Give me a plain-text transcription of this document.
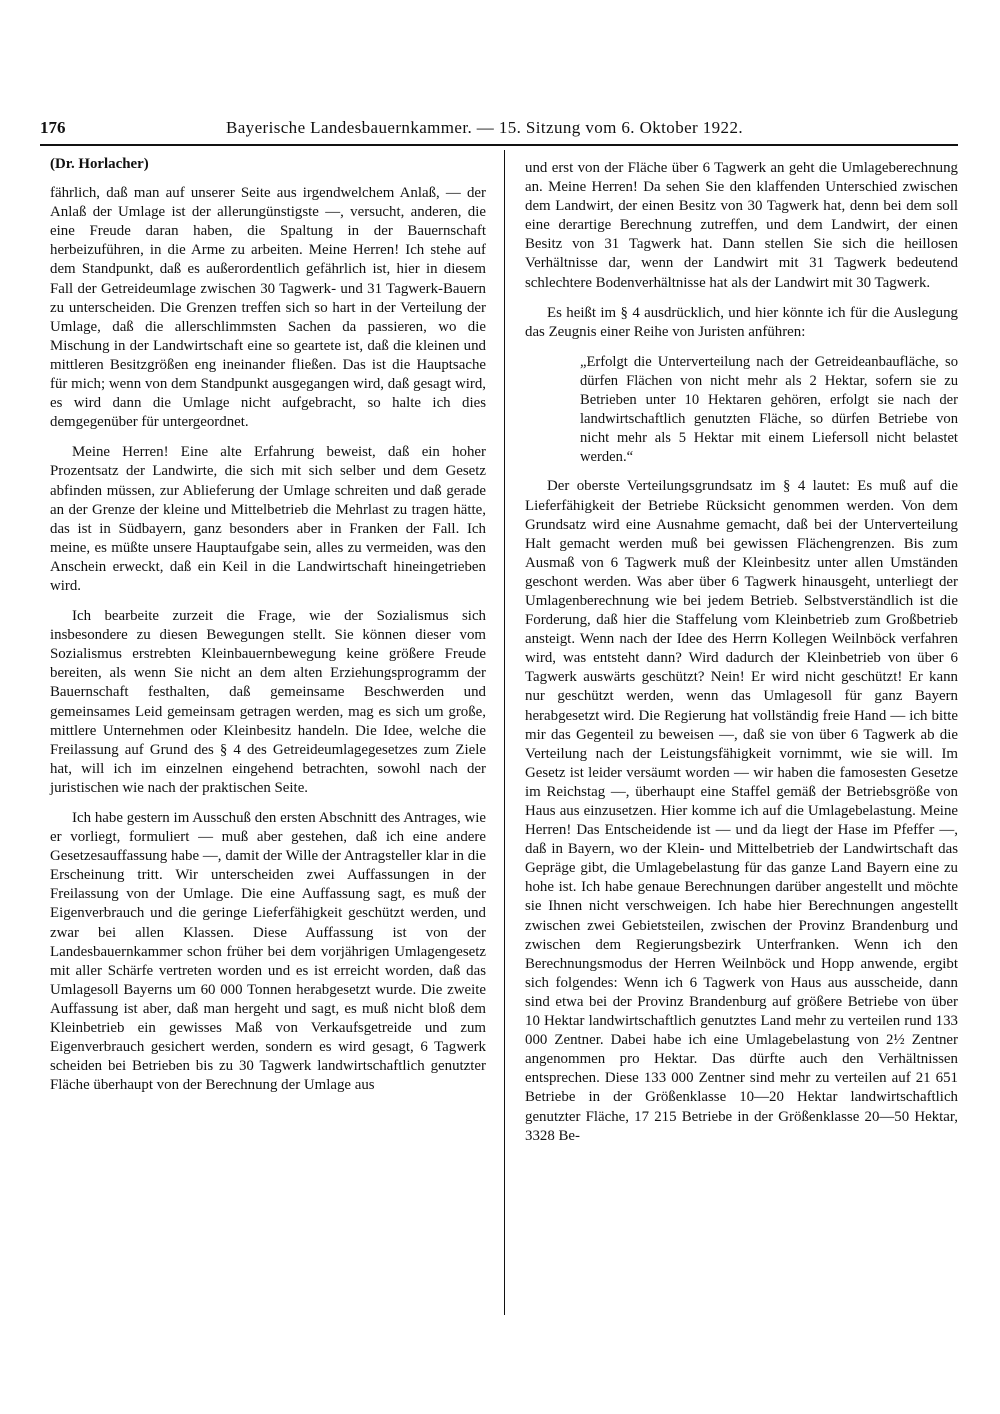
176	Bayerische Landesbauernkammer. — 15. Sitzung vom 6. Oktober 1922.
(Dr. Horlacher)

fährlich, daß man auf unserer Seite aus irgendwelchem Anlaß, — der Anlaß der Umlage ist der allerungünstigste —, versucht, anderen, die eine Freude daran haben, die Spaltung in der Bauernschaft herbeizuführen, in die Arme zu arbeiten. Meine Herren! Ich stehe auf dem Standpunkt, daß es außerordentlich gefährlich ist, hier in diesem Fall der Getreideumlage zwischen 30 Tagwerk- und 31 Tagwerk-Bauern zu unterscheiden. Die Grenzen treffen sich so hart in der Verteilung der Umlage, daß die allerschlimmsten Sachen da passieren, wo die Mischung in der Landwirtschaft eine so geartete ist, daß die kleinen und mittleren Besitzgrößen eng ineinander fließen. Das ist die Hauptsache für mich; wenn von dem Standpunkt ausgegangen wird, daß gesagt wird, es wird dann die Umlage nicht aufgebracht, so halte ich dies demgegenüber für untergeordnet.

Meine Herren! Eine alte Erfahrung beweist, daß ein hoher Prozentsatz der Landwirte, die sich mit sich selber und dem Gesetz abfinden müssen, zur Ablieferung der Umlage schreiten und daß gerade an der Grenze der kleine und Mittelbetrieb die Mehrlast zu tragen hätte, das ist in Südbayern, ganz besonders aber in Franken der Fall. Ich meine, es müßte unsere Hauptaufgabe sein, alles zu vermeiden, was den Anschein erweckt, daß ein Keil in die Landwirtschaft hineingetrieben wird.

Ich bearbeite zurzeit die Frage, wie der Sozialismus sich insbesondere zu diesen Bewegungen stellt. Sie können dieser vom Sozialismus erstrebten Kleinbauernbewegung keine größere Freude bereiten, als wenn Sie nicht an dem alten Erziehungsprogramm der Bauernschaft festhalten, daß gemeinsame Beschwerden und gemeinsames Leid gemeinsam getragen werden, mag es sich um große, mittlere Unternehmen oder Kleinbesitz handeln. Die Idee, welche die Freilassung auf Grund des § 4 des Getreideumlagegesetzes zum Ziele hat, will ich im einzelnen eingehend betrachten, sowohl nach der juristischen wie nach der praktischen Seite.

Ich habe gestern im Ausschuß den ersten Abschnitt des Antrages, wie er vorliegt, formuliert — muß aber gestehen, daß ich eine andere Gesetzesauffassung habe —, damit der Wille der Antragsteller klar in die Erscheinung tritt. Wir unterscheiden zwei Auffassungen in der Freilassung von der Umlage. Die eine Auffassung sagt, es muß der Eigenverbrauch und die geringe Lieferfähigkeit geschützt werden, und zwar bei allen Klassen. Diese Auffassung ist von der Landesbauernkammer schon früher bei dem vorjährigen Umlagengesetz mit aller Schärfe vertreten worden und es ist erreicht worden, daß das Umlagesoll Bayerns um 60 000 Tonnen herabgesetzt wurde. Die zweite Auffassung ist aber, daß man hergeht und sagt, es muß nicht bloß dem Kleinbetrieb ein gewisses Maß von Verkaufsgetreide und zum Eigenverbrauch gesichert werden, sondern es wird gesagt, 6 Tagwerk scheiden bei Betrieben bis zu 30 Tagwerk landwirtschaftlich genutzter Fläche überhaupt von der Berechnung der Umlage aus

und erst von der Fläche über 6 Tagwerk an geht die Umlageberechnung an. Meine Herren! Da sehen Sie den klaffenden Unterschied zwischen dem Landwirt, der einen Besitz von 30 Tagwerk hat, denn bei dem soll eine derartige Berechnung zutreffen, und dem Landwirt, der einen Besitz von 31 Tagwerk hat. Dann stellen Sie sich die heillosen Verhältnisse dar, wenn der Landwirt mit 31 Tagwerk bedeutend schlechtere Bodenverhältnisse hat als der Landwirt mit 30 Tagwerk.

Es heißt im § 4 ausdrücklich, und hier könnte ich für die Auslegung das Zeugnis einer Reihe von Juristen anführen:

„Erfolgt die Unterverteilung nach der Getreideanbaufläche, so dürfen Flächen von nicht mehr als 2 Hektar, sofern sie zu Betrieben unter 10 Hektaren gehören, erfolgt sie nach der landwirtschaftlich genutzten Fläche, so dürfen Betriebe von nicht mehr als 5 Hektar mit einem Liefersoll nicht belastet werden.“

Der oberste Verteilungsgrundsatz im § 4 lautet: Es muß auf die Lieferfähigkeit der Betriebe Rücksicht genommen werden. Von dem Grundsatz wird eine Ausnahme gemacht, daß bei der Unterverteilung Halt gemacht werden muß bei gewissen Flächengrenzen. Bis zum Ausmaß von 6 Tagwerk muß der Kleinbesitz unter allen Umständen geschont werden. Was aber über 6 Tagwerk hinausgeht, unterliegt der Umlagenberechnung wie bei jedem Betrieb. Selbstverständlich ist die Forderung, daß hier die Staffelung vom Kleinbetrieb zum Großbetrieb ansteigt. Wenn nach der Idee des Herrn Kollegen Weilnböck verfahren wird, was entsteht dann? Wird dadurch der Kleinbetrieb von über 6 Tagwerk auswärts geschützt? Nein! Er wird nicht geschützt! Er kann nur geschützt werden, wenn das Umlagesoll für ganz Bayern herabgesetzt wird. Die Regierung hat vollständig freie Hand — ich bitte mir das Gegenteil zu beweisen —, daß sie von über 6 Tagwerk ab die Verteilung nach der Leistungsfähigkeit vornimmt, wie sie will. Im Gesetz ist leider versäumt worden — wir haben die famosesten Gesetze im Reichstag —, überhaupt eine Staffel gemäß der Betriebsgröße von Haus aus einzusetzen. Hier komme ich auf die Umlagebelastung. Meine Herren! Das Entscheidende ist — und da liegt der Hase im Pfeffer —, daß in Bayern, wo der Klein- und Mittelbetrieb der Landwirtschaft das Gepräge gibt, die Umlagebelastung für das ganze Land Bayern eine zu hohe ist. Ich habe genaue Berechnungen darüber angestellt und möchte sie Ihnen nicht verschweigen. Ich habe hier Berechnungen angestellt zwischen zwei Gebietsteilen, zwischen der Provinz Brandenburg und zwischen dem Regierungsbezirk Unterfranken. Wenn ich den Berechnungsmodus der Herren Weilnböck und Hopp anwende, ergibt sich folgendes: Wenn ich 6 Tagwerk von Haus aus ausscheide, dann sind etwa bei der Provinz Brandenburg auf größere Betriebe von über 10 Hektar landwirtschaftlich genutztes Land mehr zu verteilen rund 133 000 Zentner. Dabei habe ich eine Umlagebelastung von 2½ Zentner angenommen pro Hektar. Das dürfte auch den Verhältnissen entsprechen. Diese 133 000 Zentner sind mehr zu verteilen auf 21 651 Betriebe in der Größenklasse 10—20 Hektar landwirtschaftlich genutzter Fläche, 17 215 Betriebe in der Größenklasse 20—50 Hektar, 3328 Be-
